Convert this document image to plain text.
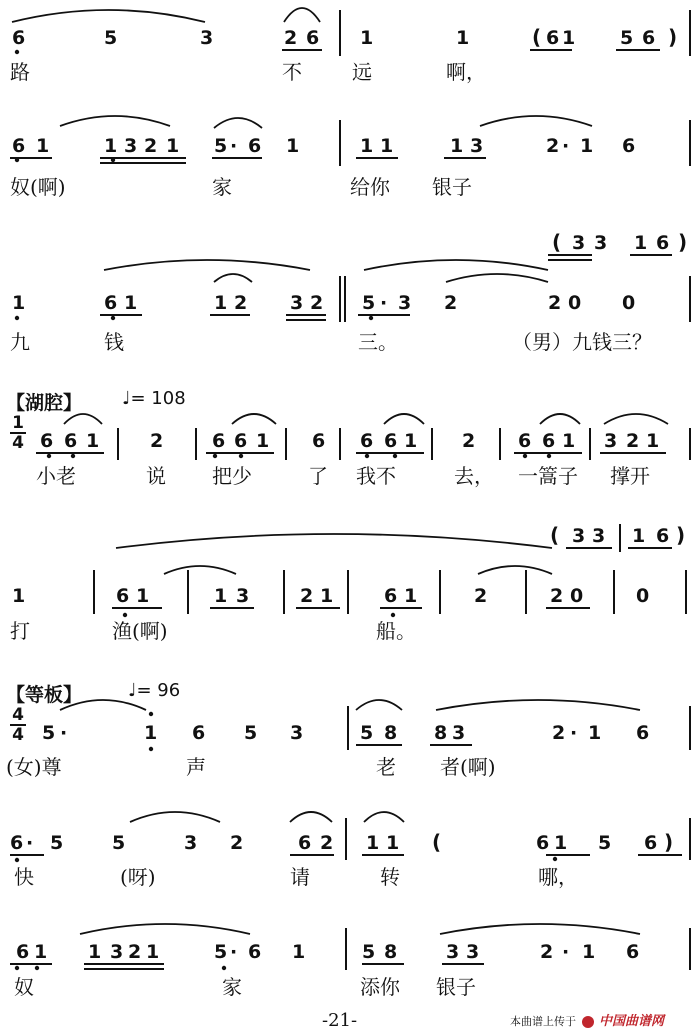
6	5	3	2 6 1	1	( 6 1 5 6 )
6 1	1 3 2 1 5 · 6 1	1 1	1 3	2 · 1 6
( 3 3 1 6 )
1	6 1	1 2 3 2 5 · 3 2	2 0 0
6 6 1	2	6 6 1 6 6 6 1 2 6 6 1 3 2 1
( 3 3 1 6 )
1	6 1	1 3	2 1	6 1	2	2 0	0
5 ·	1 6 5 3	5 8 8 3	2 · 1 6
6 · 5	5	3 2	6 2 1 1 (	6 1 5 6 )
6 1 1 3 2 1	5 · 6 1	5 8	3 3	2 · 1 6
路	不	远	啊，
奴(啊)	家	给你 银子
九	钱	三。	（男）九钱三？
【湖腔】 ♩= 108
1
4
小老	说 把少	了 我不	去， 一篙子 撑开
打	渔(啊)	船。
【等板】	♩= 96
4
4
(女)尊	声	老 者(啊)
快	(呀)	请	转	哪，
奴	家	添你 银子
-21-	本曲谱上传于 中国曲谱网
